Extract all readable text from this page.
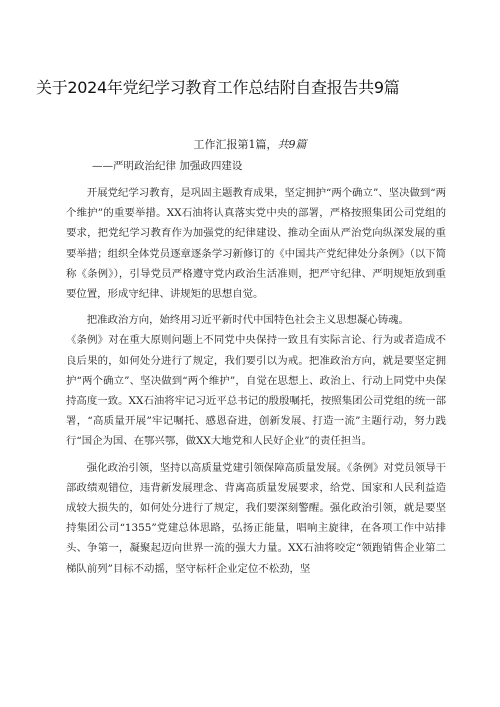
关于2024年党纪学习教育工作总结附自查报告共9篇
工作汇报第1篇，共9篇
——严明政治纪律 加强政四建设

开展党纪学习教育，是巩固主题教育成果，坚定拥护“两个确立”、坚决做到“两个维护”的重要举措。XX石油将认真落实党中央的部署，严格按照集团公司党组的要求，把党纪学习教育作为加强党的纪律建设、推动全面从严治党向纵深发展的重要举措；组织全体党员逐章逐条学习新修订的《中国共产党纪律处分条例》（以下简称《条例》），引导党员严格遵守党内政治生活准则，把严守纪律、严明规矩放到重要位置，形成守纪律、讲规矩的思想自觉。

把准政治方向，始终用习近平新时代中国特色社会主义思想凝心铸魂。

《条例》对在重大原则问题上不同党中央保持一致且有实际言论、行为或者造成不良后果的，如何处分进行了规定，我们要引以为戒。把准政治方向，就是要坚定拥护“两个确立”、坚决做到“两个维护”，自觉在思想上、政治上、行动上同党中央保持高度一致。XX石油将牢记习近平总书记的殷殷嘱托，按照集团公司党组的统一部署，“高质量开展”牢记嘱托、感恩奋进，创新发展、打造一流”主题行动，努力践行“国企为国、在鄂兴鄂，做XX大地党和人民好企业”的责任担当。

强化政治引领，坚持以高质量党建引领保障高质量发展。《条例》对党员领导干部政绩观错位，违背新发展理念、背离高质量发展要求，给党、国家和人民利益造成较大损失的，如何处分进行了规定，我们要深刻警醒。强化政治引领，就是要坚持集团公司“1355”党建总体思路，弘扬正能量，唱响主旋律，在各项工作中站排头、争第一，凝聚起迈向世界一流的强大力量。XX石油将咬定“领跑销售企业第二梯队前列”目标不动摇，坚守标杆企业定位不松劲，坚
